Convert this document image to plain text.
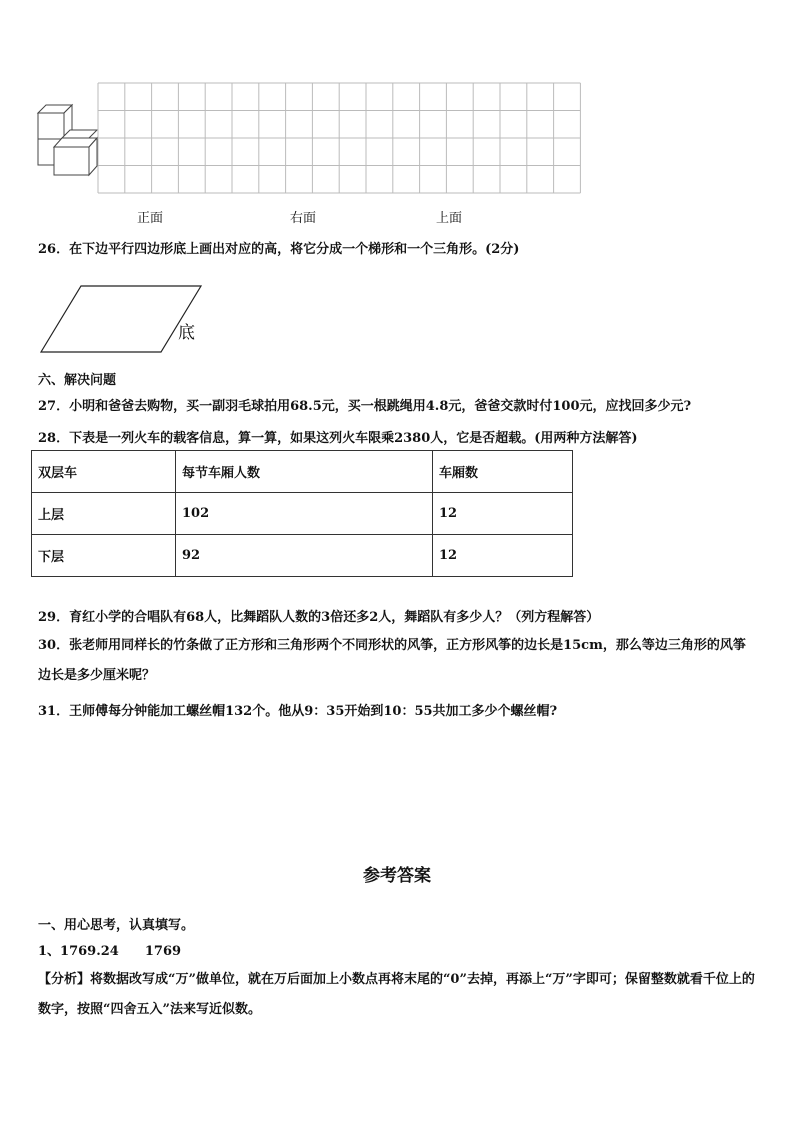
正面	右面	上面
26．在下边平行四边形底上画出对应的高，将它分成一个梯形和一个三角形。(2分)
底
六、解决问题
27．小明和爸爸去购物，买一副羽毛球拍用68.5元，买一根跳绳用4.8元，爸爸交款时付100元，应找回多少元?
28．下表是一列火车的载客信息，算一算，如果这列火车限乘2380人，它是否超载。(用两种方法解答)
双层车	每节车厢人数	车厢数
上层	102	12
下层	92	12
29．育红小学的合唱队有68人，比舞蹈队人数的3倍还多2人，舞蹈队有多少人？（列方程解答）
30．张老师用同样长的竹条做了正方形和三角形两个不同形状的风筝，正方形风筝的边长是15cm，那么等边三角形的风筝边长是多少厘米呢？
31．王师傅每分钟能加工螺丝帽132个。他从9：35开始到10：55共加工多少个螺丝帽?
参考答案
一、用心思考，认真填写。
1、1769.24 1769
【分析】将数据改写成“万”做单位，就在万后面加上小数点再将末尾的“0”去掉，再添上“万”字即可；保留整数就看千位上的数字，按照“四舍五入”法来写近似数。
